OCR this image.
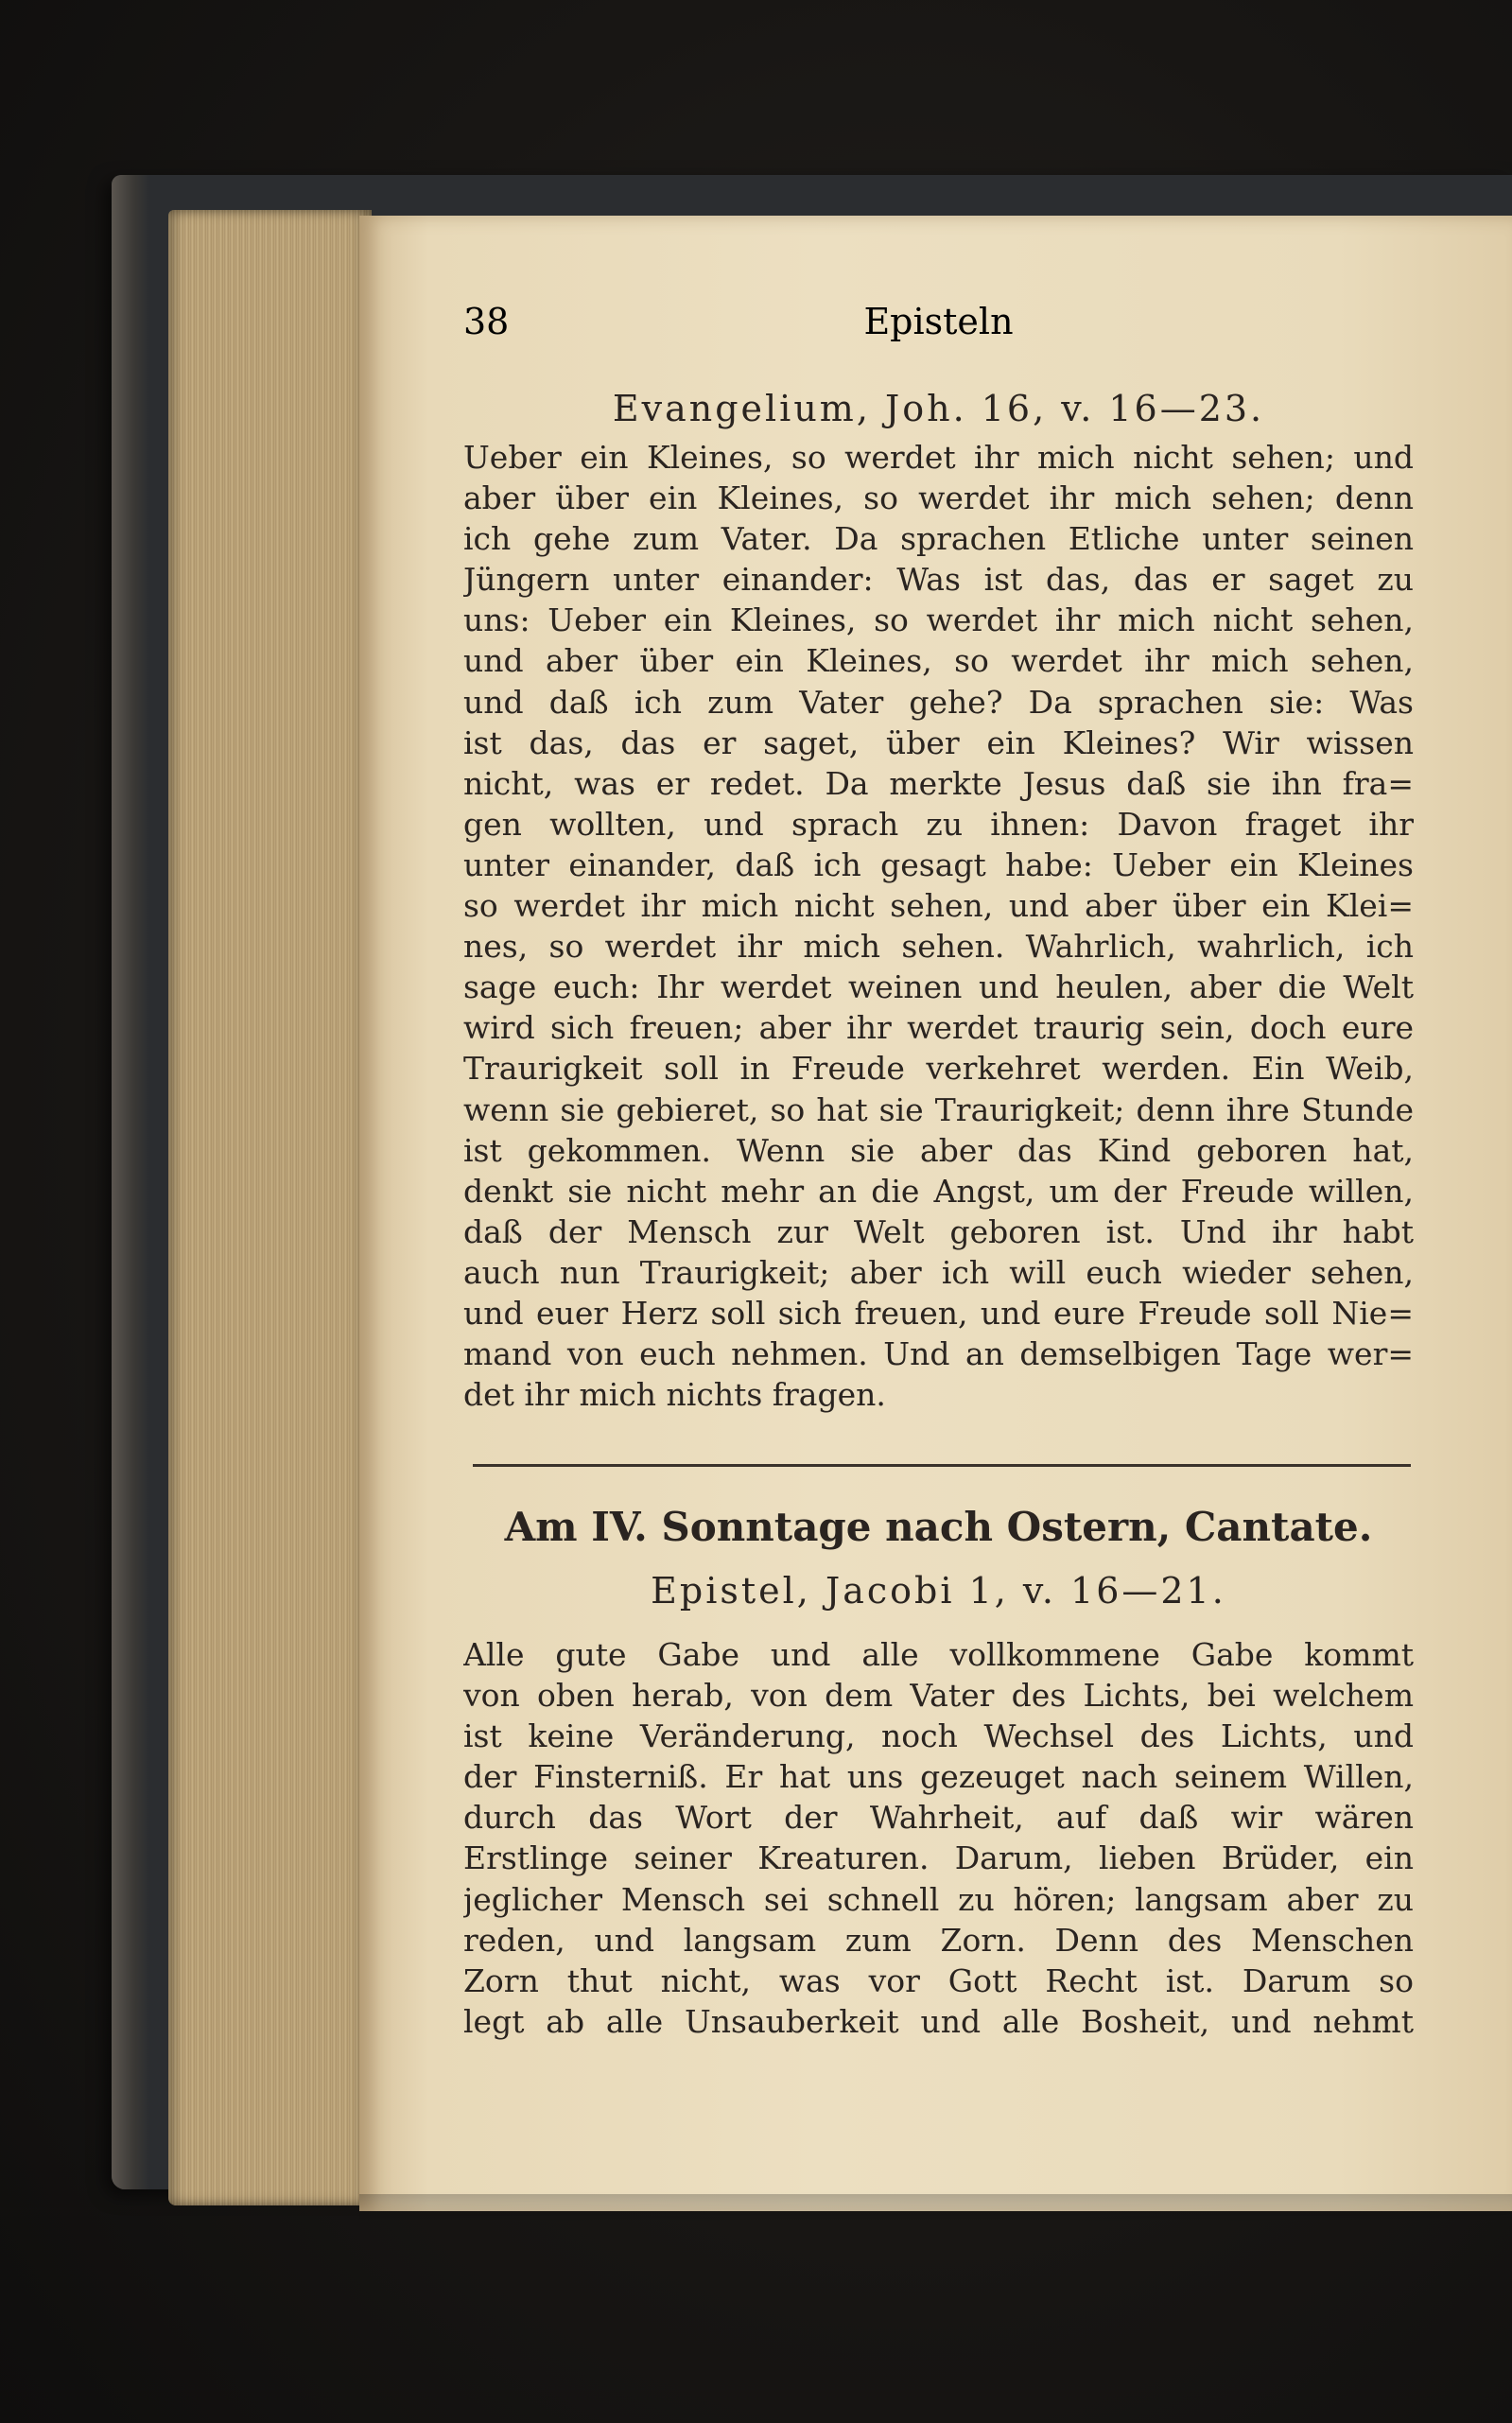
38	Episteln
Evangelium, Joh. 16, v. 16—23.
Ueber ein Kleines, so werdet ihr mich nicht sehen; und
aber über ein Kleines, so werdet ihr mich sehen; denn
ich gehe zum Vater. Da sprachen Etliche unter seinen
Jüngern unter einander: Was ist das, das er saget zu
uns: Ueber ein Kleines, so werdet ihr mich nicht sehen,
und aber über ein Kleines, so werdet ihr mich sehen,
und daß ich zum Vater gehe? Da sprachen sie: Was
ist das, das er saget, über ein Kleines? Wir wissen
nicht, was er redet. Da merkte Jesus daß sie ihn fra=
gen wollten, und sprach zu ihnen: Davon fraget ihr
unter einander, daß ich gesagt habe: Ueber ein Kleines
so werdet ihr mich nicht sehen, und aber über ein Klei=
nes, so werdet ihr mich sehen. Wahrlich, wahrlich, ich
sage euch: Ihr werdet weinen und heulen, aber die Welt
wird sich freuen; aber ihr werdet traurig sein, doch eure
Traurigkeit soll in Freude verkehret werden. Ein Weib,
wenn sie gebieret, so hat sie Traurigkeit; denn ihre Stunde
ist gekommen. Wenn sie aber das Kind geboren hat,
denkt sie nicht mehr an die Angst, um der Freude willen,
daß der Mensch zur Welt geboren ist. Und ihr habt
auch nun Traurigkeit; aber ich will euch wieder sehen,
und euer Herz soll sich freuen, und eure Freude soll Nie=
mand von euch nehmen. Und an demselbigen Tage wer=
det ihr mich nichts fragen.
Am IV. Sonntage nach Ostern, Cantate.
Epistel, Jacobi 1, v. 16—21.
Alle gute Gabe und alle vollkommene Gabe kommt
von oben herab, von dem Vater des Lichts, bei welchem
ist keine Veränderung, noch Wechsel des Lichts, und
der Finsterniß. Er hat uns gezeuget nach seinem Willen,
durch das Wort der Wahrheit, auf daß wir wären
Erstlinge seiner Kreaturen. Darum, lieben Brüder, ein
jeglicher Mensch sei schnell zu hören; langsam aber zu
reden, und langsam zum Zorn. Denn des Menschen
Zorn thut nicht, was vor Gott Recht ist. Darum so
legt ab alle Unsauberkeit und alle Bosheit, und nehmt
